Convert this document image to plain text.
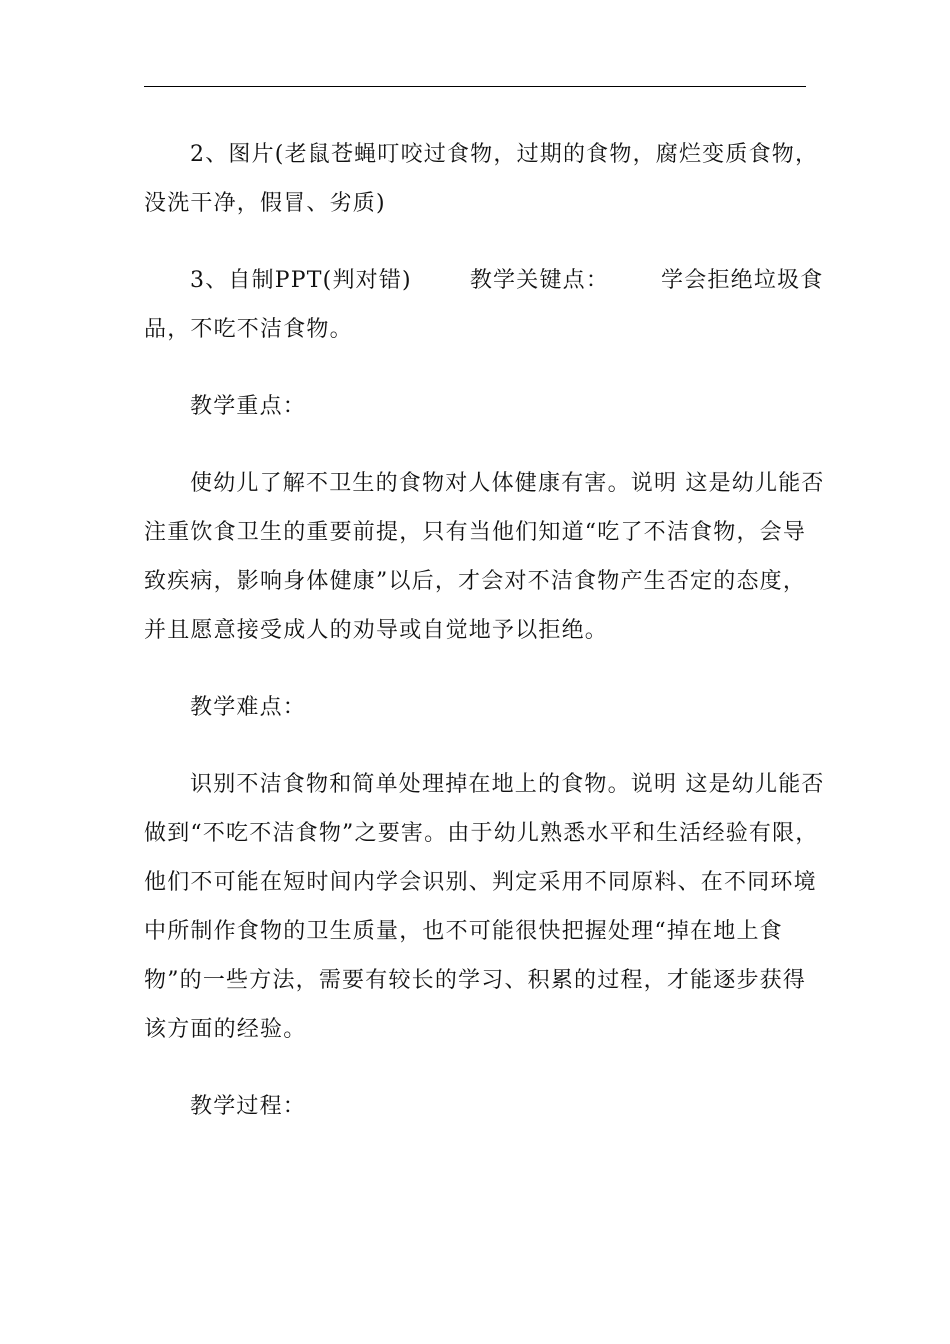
2、图片(老鼠苍蝇叮咬过食物，过期的食物，腐烂变质食物，
没洗干净，假冒、劣质)

3、自制PPT(判对错)	教学关键点： 学会拒绝垃圾食
品，不吃不洁食物。

教学重点：

使幼儿了解不卫生的食物对人体健康有害。说明 这是幼儿能否
注重饮食卫生的重要前提，只有当他们知道“吃了不洁食物，会导
致疾病，影响身体健康”以后，才会对不洁食物产生否定的态度，
并且愿意接受成人的劝导或自觉地予以拒绝。

教学难点：

识别不洁食物和简单处理掉在地上的食物。说明 这是幼儿能否
做到“不吃不洁食物”之要害。由于幼儿熟悉水平和生活经验有限，
他们不可能在短时间内学会识别、判定采用不同原料、在不同环境
中所制作食物的卫生质量，也不可能很快把握处理“掉在地上食
物”的一些方法，需要有较长的学习、积累的过程，才能逐步获得
该方面的经验。

教学过程：
